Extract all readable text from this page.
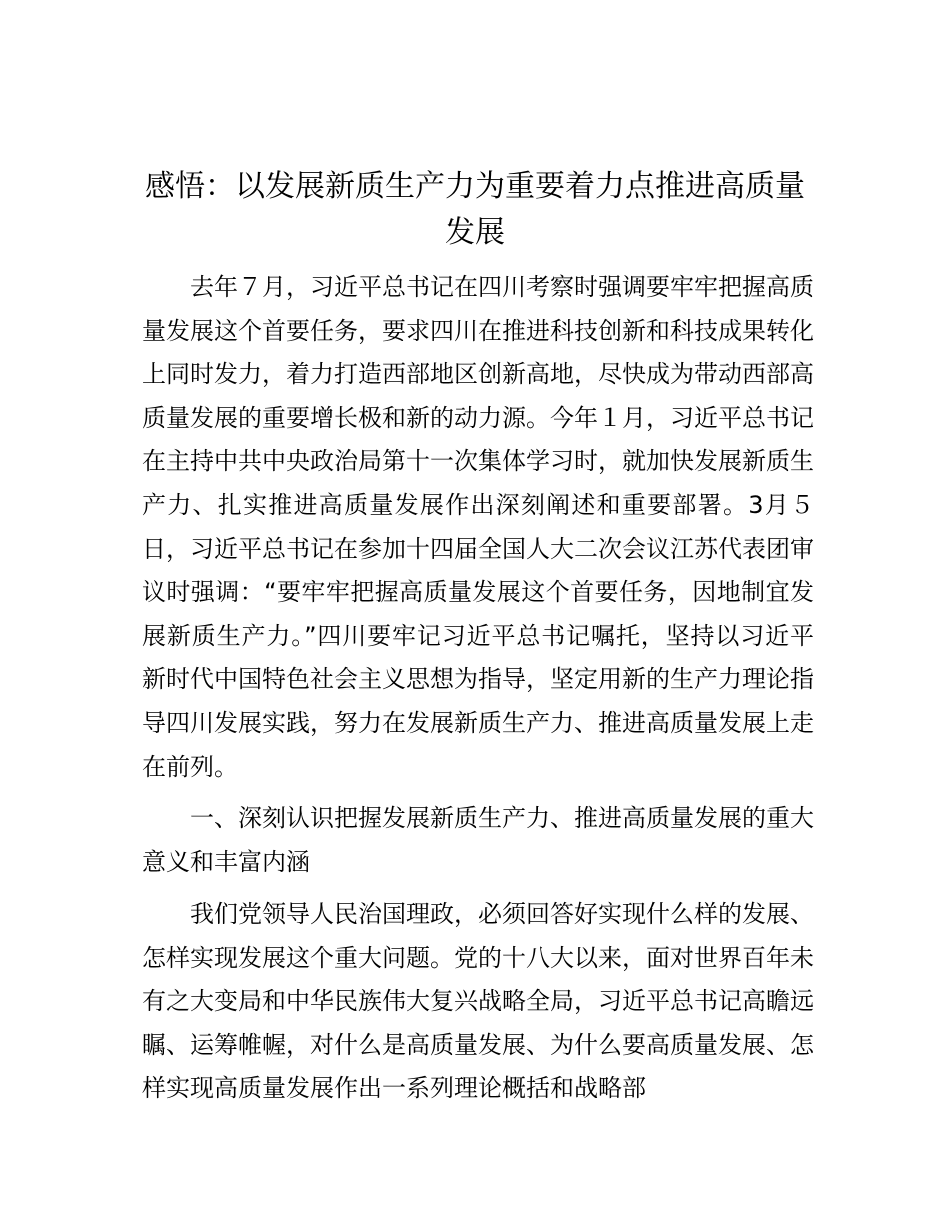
感悟：以发展新质生产力为重要着力点推进高质量发展

去年７月，习近平总书记在四川考察时强调要牢牢把握高质量发展这个首要任务，要求四川在推进科技创新和科技成果转化上同时发力，着力打造西部地区创新高地，尽快成为带动西部高质量发展的重要增长极和新的动力源。今年１月，习近平总书记在主持中共中央政治局第十一次集体学习时，就加快发展新质生产力、扎实推进高质量发展作出深刻阐述和重要部署。3月５日，习近平总书记在参加十四届全国人大二次会议江苏代表团审议时强调：“要牢牢把握高质量发展这个首要任务，因地制宜发展新质生产力。”四川要牢记习近平总书记嘱托，坚持以习近平新时代中国特色社会主义思想为指导，坚定用新的生产力理论指导四川发展实践，努力在发展新质生产力、推进高质量发展上走在前列。

一、深刻认识把握发展新质生产力、推进高质量发展的重大意义和丰富内涵

我们党领导人民治国理政，必须回答好实现什么样的发展、怎样实现发展这个重大问题。党的十八大以来，面对世界百年未有之大变局和中华民族伟大复兴战略全局，习近平总书记高瞻远瞩、运筹帷幄，对什么是高质量发展、为什么要高质量发展、怎样实现高质量发展作出一系列理论概括和战略部
